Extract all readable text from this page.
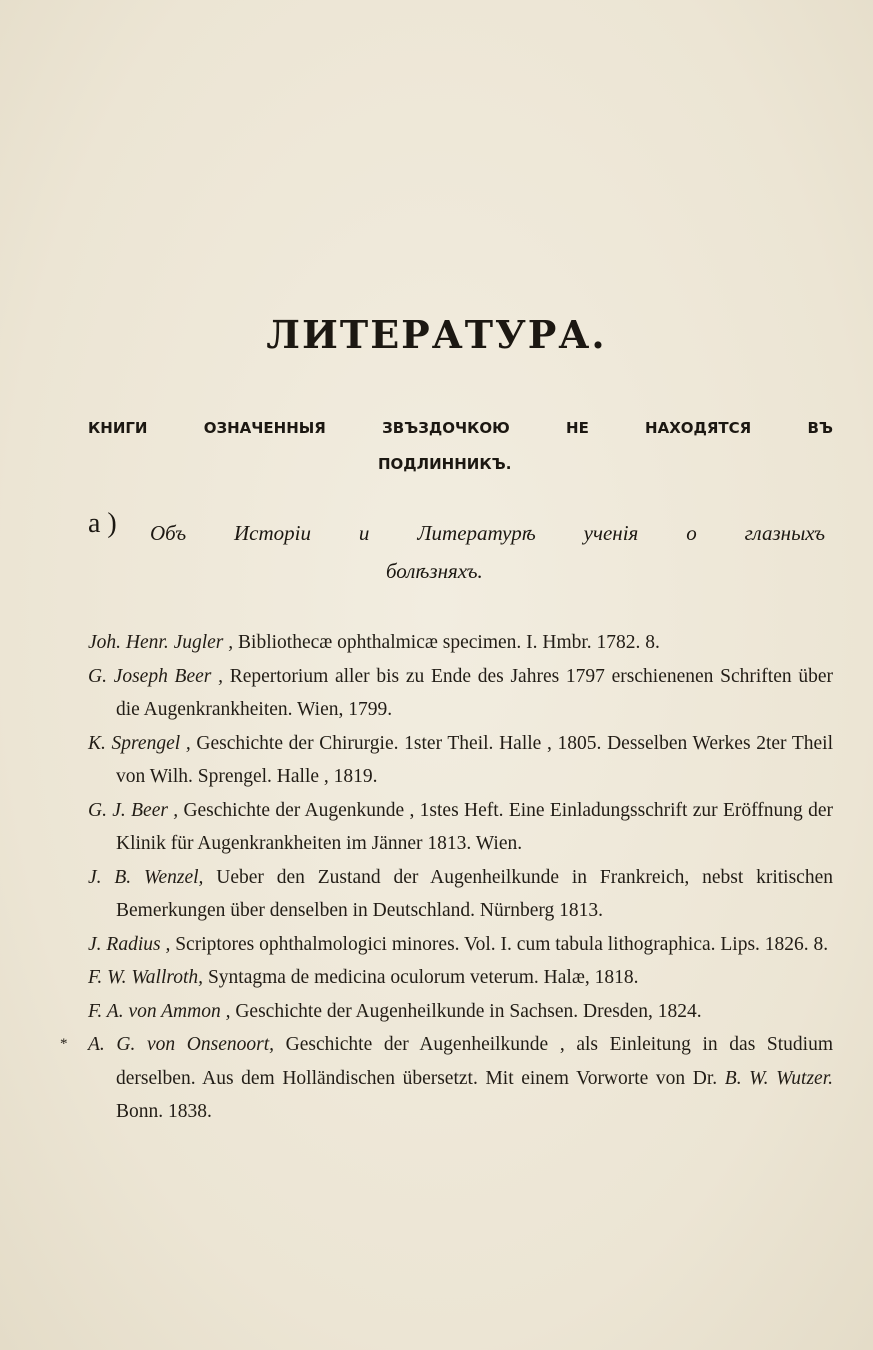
ЛИТЕРАТУРА.
КНИГИ ОЗНАЧЕННЫЯ ЗВЪЗДОЧКОЮ НЕ НАХОДЯТСЯ ВЪ
ПОДЛИННИКЪ.
a ) Объ Исторіи и Литературѣ ученія о глазныхъ
болѣзняхъ.
Joh. Henr. Jugler , Bibliothecæ ophthalmicæ specimen. I. Hmbr. 1782. 8.
G. Joseph Beer , Repertorium aller bis zu Ende des Jahres 1797 erschienenen Schriften über die Augenkrankheiten. Wien, 1799.
K. Sprengel , Geschichte der Chirurgie. 1ster Theil. Halle , 1805. Desselben Werkes 2ter Theil von Wilh. Sprengel. Halle , 1819.
G. J. Beer , Geschichte der Augenkunde , 1stes Heft. Eine Einladungsschrift zur Eröffnung der Klinik für Augenkrankheiten im Jänner 1813. Wien.
J. B. Wenzel, Ueber den Zustand der Augenheilkunde in Frankreich, nebst kritischen Bemerkungen über denselben in Deutschland. Nürnberg 1813.
J. Radius , Scriptores ophthalmologici minores. Vol. I. cum tabula lithographica. Lips. 1826. 8.
F. W. Wallroth, Syntagma de medicina oculorum veterum. Halæ, 1818.
F. A. von Ammon , Geschichte der Augenheilkunde in Sachsen. Dresden, 1824.
* A. G. von Onsenoort, Geschichte der Augenheilkunde , als Einleitung in das Studium derselben. Aus dem Holländischen übersetzt. Mit einem Vorworte von Dr. B. W. Wutzer. Bonn. 1838.
